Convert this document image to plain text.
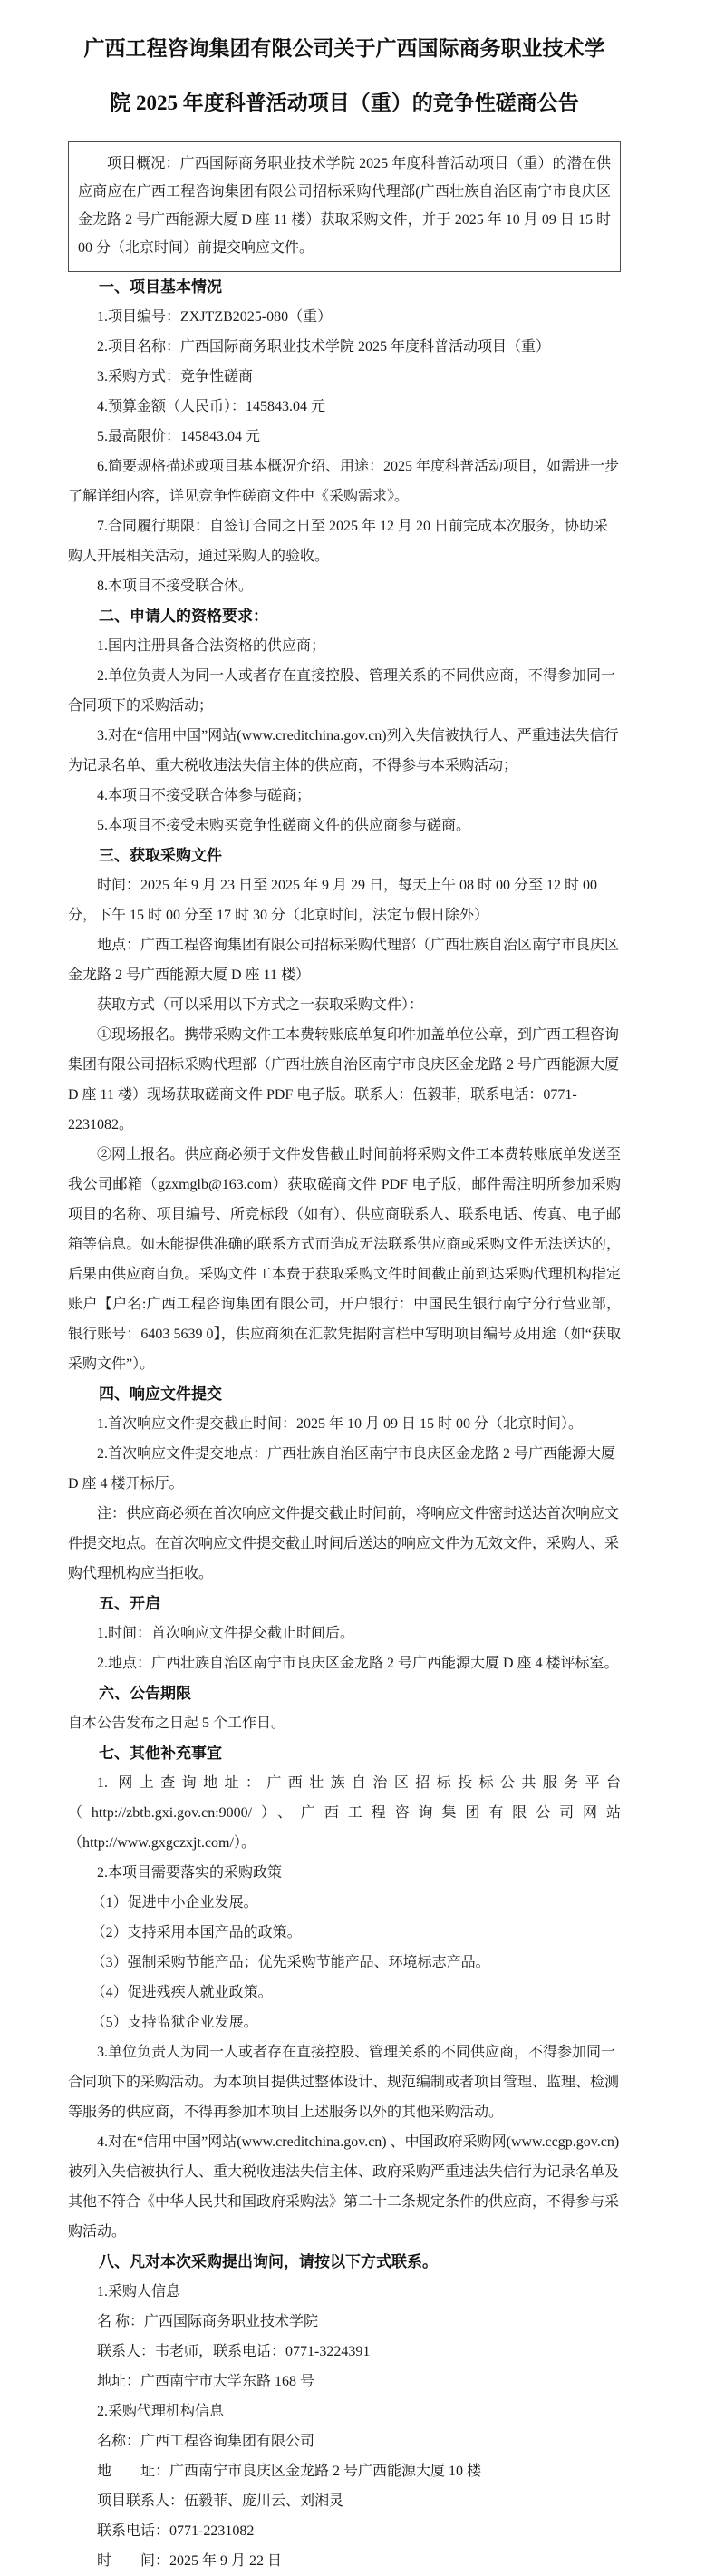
广西工程咨询集团有限公司关于广西国际商务职业技术学
院 2025 年度科普活动项目（重）的竞争性磋商公告

项目概况：广西国际商务职业技术学院 2025 年度科普活动项目（重）的潜在供应商应在广西工程咨询集团有限公司招标采购代理部(广西壮族自治区南宁市良庆区金龙路 2 号广西能源大厦 D 座 11 楼）获取采购文件，并于 2025 年 10 月 09 日 15 时 00 分（北京时间）前提交响应文件。

一、项目基本情况

1.项目编号：ZXJTZB2025-080（重）

2.项目名称：广西国际商务职业技术学院 2025 年度科普活动项目（重）

3.采购方式：竞争性磋商

4.预算金额（人民币）：145843.04 元

5.最高限价：145843.04 元

6.简要规格描述或项目基本概况介绍、用途：2025 年度科普活动项目，如需进一步了解详细内容，详见竞争性磋商文件中《采购需求》。

7.合同履行期限：自签订合同之日至 2025 年 12 月 20 日前完成本次服务，协助采购人开展相关活动，通过采购人的验收。

8.本项目不接受联合体。

二、申请人的资格要求：

1.国内注册具备合法资格的供应商；

2.单位负责人为同一人或者存在直接控股、管理关系的不同供应商，不得参加同一合同项下的采购活动；

3.对在“信用中国”网站(www.creditchina.gov.cn)列入失信被执行人、严重违法失信行为记录名单、重大税收违法失信主体的供应商，不得参与本采购活动；

4.本项目不接受联合体参与磋商；

5.本项目不接受未购买竞争性磋商文件的供应商参与磋商。

三、获取采购文件

时间：2025 年 9 月 23 日至 2025 年 9 月 29 日，每天上午 08 时 00 分至 12 时 00 分，下午 15 时 00 分至 17 时 30 分（北京时间，法定节假日除外）

地点：广西工程咨询集团有限公司招标采购代理部（广西壮族自治区南宁市良庆区金龙路 2 号广西能源大厦 D 座 11 楼）

获取方式（可以采用以下方式之一获取采购文件）：

①现场报名。携带采购文件工本费转账底单复印件加盖单位公章，到广西工程咨询集团有限公司招标采购代理部（广西壮族自治区南宁市良庆区金龙路 2 号广西能源大厦 D 座 11 楼）现场获取磋商文件 PDF 电子版。联系人：伍毅菲，联系电话：0771-2231082。

②网上报名。供应商必须于文件发售截止时间前将采购文件工本费转账底单发送至我公司邮箱（gzxmglb@163.com）获取磋商文件 PDF 电子版，邮件需注明所参加采购项目的名称、项目编号、所竞标段（如有）、供应商联系人、联系电话、传真、电子邮箱等信息。如未能提供准确的联系方式而造成无法联系供应商或采购文件无法送达的，后果由供应商自负。采购文件工本费于获取采购文件时间截止前到达采购代理机构指定账户【户名:广西工程咨询集团有限公司，开户银行：中国民生银行南宁分行营业部，银行账号：6403 5639 0】，供应商须在汇款凭据附言栏中写明项目编号及用途（如“获取采购文件”）。

四、响应文件提交

1.首次响应文件提交截止时间：2025 年 10 月 09 日 15 时 00 分（北京时间）。

2.首次响应文件提交地点：广西壮族自治区南宁市良庆区金龙路 2 号广西能源大厦 D 座 4 楼开标厅。

注：供应商必须在首次响应文件提交截止时间前，将响应文件密封送达首次响应文件提交地点。在首次响应文件提交截止时间后送达的响应文件为无效文件，采购人、采购代理机构应当拒收。

五、开启

1.时间：首次响应文件提交截止时间后。

2.地点：广西壮族自治区南宁市良庆区金龙路 2 号广西能源大厦 D 座 4 楼评标室。

六、公告期限

自本公告发布之日起 5 个工作日。

七、其他补充事宜

1. 网上查询地址：广西壮族自治区招标投标公共服务平台（http://zbtb.gxi.gov.cn:9000/）、广西工程咨询集团有限公司网站（http://www.gxgczxjt.com/）。

2.本项目需要落实的采购政策

（1）促进中小企业发展。

（2）支持采用本国产品的政策。

（3）强制采购节能产品；优先采购节能产品、环境标志产品。

（4）促进残疾人就业政策。

（5）支持监狱企业发展。

3.单位负责人为同一人或者存在直接控股、管理关系的不同供应商，不得参加同一合同项下的采购活动。为本项目提供过整体设计、规范编制或者项目管理、监理、检测等服务的供应商，不得再参加本项目上述服务以外的其他采购活动。

4.对在“信用中国”网站(www.creditchina.gov.cn) 、中国政府采购网(www.ccgp.gov.cn)被列入失信被执行人、重大税收违法失信主体、政府采购严重违法失信行为记录名单及其他不符合《中华人民共和国政府采购法》第二十二条规定条件的供应商，不得参与采购活动。

八、凡对本次采购提出询问，请按以下方式联系。

1.采购人信息

名 称：广西国际商务职业技术学院

联系人：韦老师，联系电话：0771-3224391

地址：广西南宁市大学东路 168 号

2.采购代理机构信息

名称：广西工程咨询集团有限公司

地　　址：广西南宁市良庆区金龙路 2 号广西能源大厦 10 楼

项目联系人：伍毅菲、庞川云、刘湘灵

联系电话：0771-2231082

时　　间：2025 年 9 月 22 日
